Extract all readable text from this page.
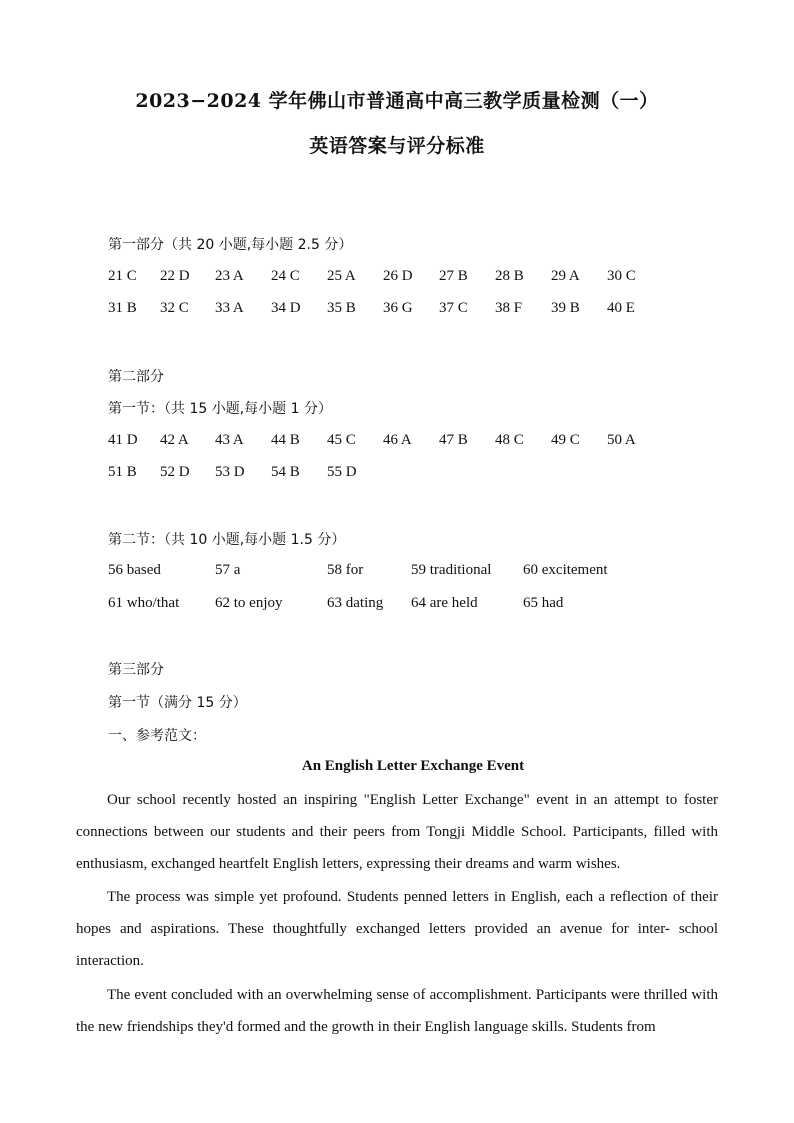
2023−2024 学年佛山市普通高中高三教学质量检测（一）
英语答案与评分标准
第一部分（共 20 小题,每小题 2.5 分）
21 C 22 D 23 A 24 C 25 A 26 D 27 B 28 B 29 A 30 C
31 B 32 C 33 A 34 D 35 B 36 G 37 C 38 F 39 B 40 E
第二部分
第一节：（共 15 小题,每小题 1 分）
41 D 42 A 43 A 44 B 45 C 46 A 47 B 48 C 49 C 50 A
51 B 52 D 53 D 54 B 55 D
第二节：（共 10 小题,每小题 1.5 分）
56 based	57 a	58 for	59 traditional 60 excitement
61 who/that 62 to enjoy	63 dating 64 are held	65 had
第三部分
第一节（满分 15 分）
一、参考范文：
An English Letter Exchange Event

Our school recently hosted an inspiring "English Letter Exchange" event in an attempt to foster connections between our students and their peers from Tongji Middle School. Participants, filled with enthusiasm, exchanged heartfelt English letters, expressing their dreams and warm wishes.

The process was simple yet profound. Students penned letters in English, each a reflection of their hopes and aspirations. These thoughtfully exchanged letters provided an avenue for inter- school interaction.

The event concluded with an overwhelming sense of accomplishment. Participants were thrilled with the new friendships they'd formed and the growth in their English language skills. Students from
